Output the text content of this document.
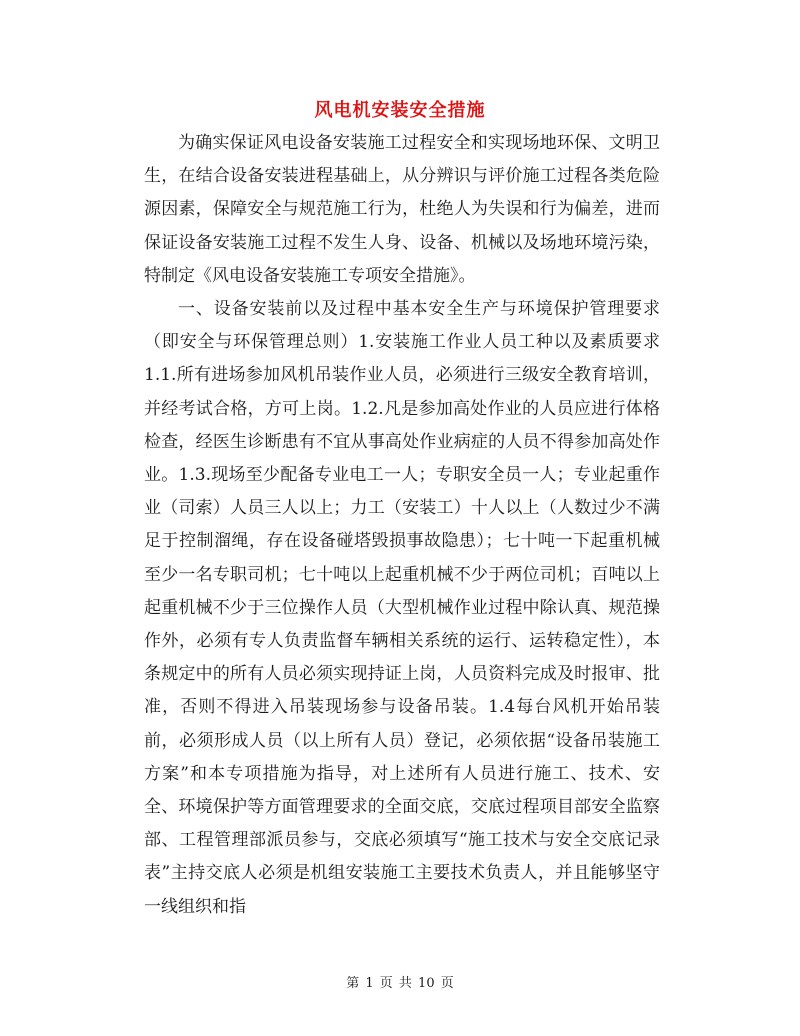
风电机安装安全措施

为确实保证风电设备安装施工过程安全和实现场地环保、文明卫生，在结合设备安装进程基础上，从分辨识与评价施工过程各类危险源因素，保障安全与规范施工行为，杜绝人为失误和行为偏差，进而保证设备安装施工过程不发生人身、设备、机械以及场地环境污染，特制定《风电设备安装施工专项安全措施》。

一、设备安装前以及过程中基本安全生产与环境保护管理要求（即安全与环保管理总则）1.安装施工作业人员工种以及素质要求1.1.所有进场参加风机吊装作业人员，必须进行三级安全教育培训，并经考试合格，方可上岗。1.2.凡是参加高处作业的人员应进行体格检查，经医生诊断患有不宜从事高处作业病症的人员不得参加高处作业。1.3.现场至少配备专业电工一人；专职安全员一人；专业起重作业（司索）人员三人以上；力工（安装工）十人以上（人数过少不满足于控制溜绳，存在设备碰塔毁损事故隐患）；七十吨一下起重机械至少一名专职司机；七十吨以上起重机械不少于两位司机；百吨以上起重机械不少于三位操作人员（大型机械作业过程中除认真、规范操作外，必须有专人负责监督车辆相关系统的运行、运转稳定性），本条规定中的所有人员必须实现持证上岗，人员资料完成及时报审、批准，否则不得进入吊装现场参与设备吊装。1.4每台风机开始吊装前，必须形成人员（以上所有人员）登记，必须依据“设备吊装施工方案”和本专项措施为指导，对上述所有人员进行施工、技术、安全、环境保护等方面管理要求的全面交底，交底过程项目部安全监察部、工程管理部派员参与，交底必须填写“施工技术与安全交底记录表”主持交底人必须是机组安装施工主要技术负责人，并且能够坚守一线组织和指

第 1 页 共 10 页
